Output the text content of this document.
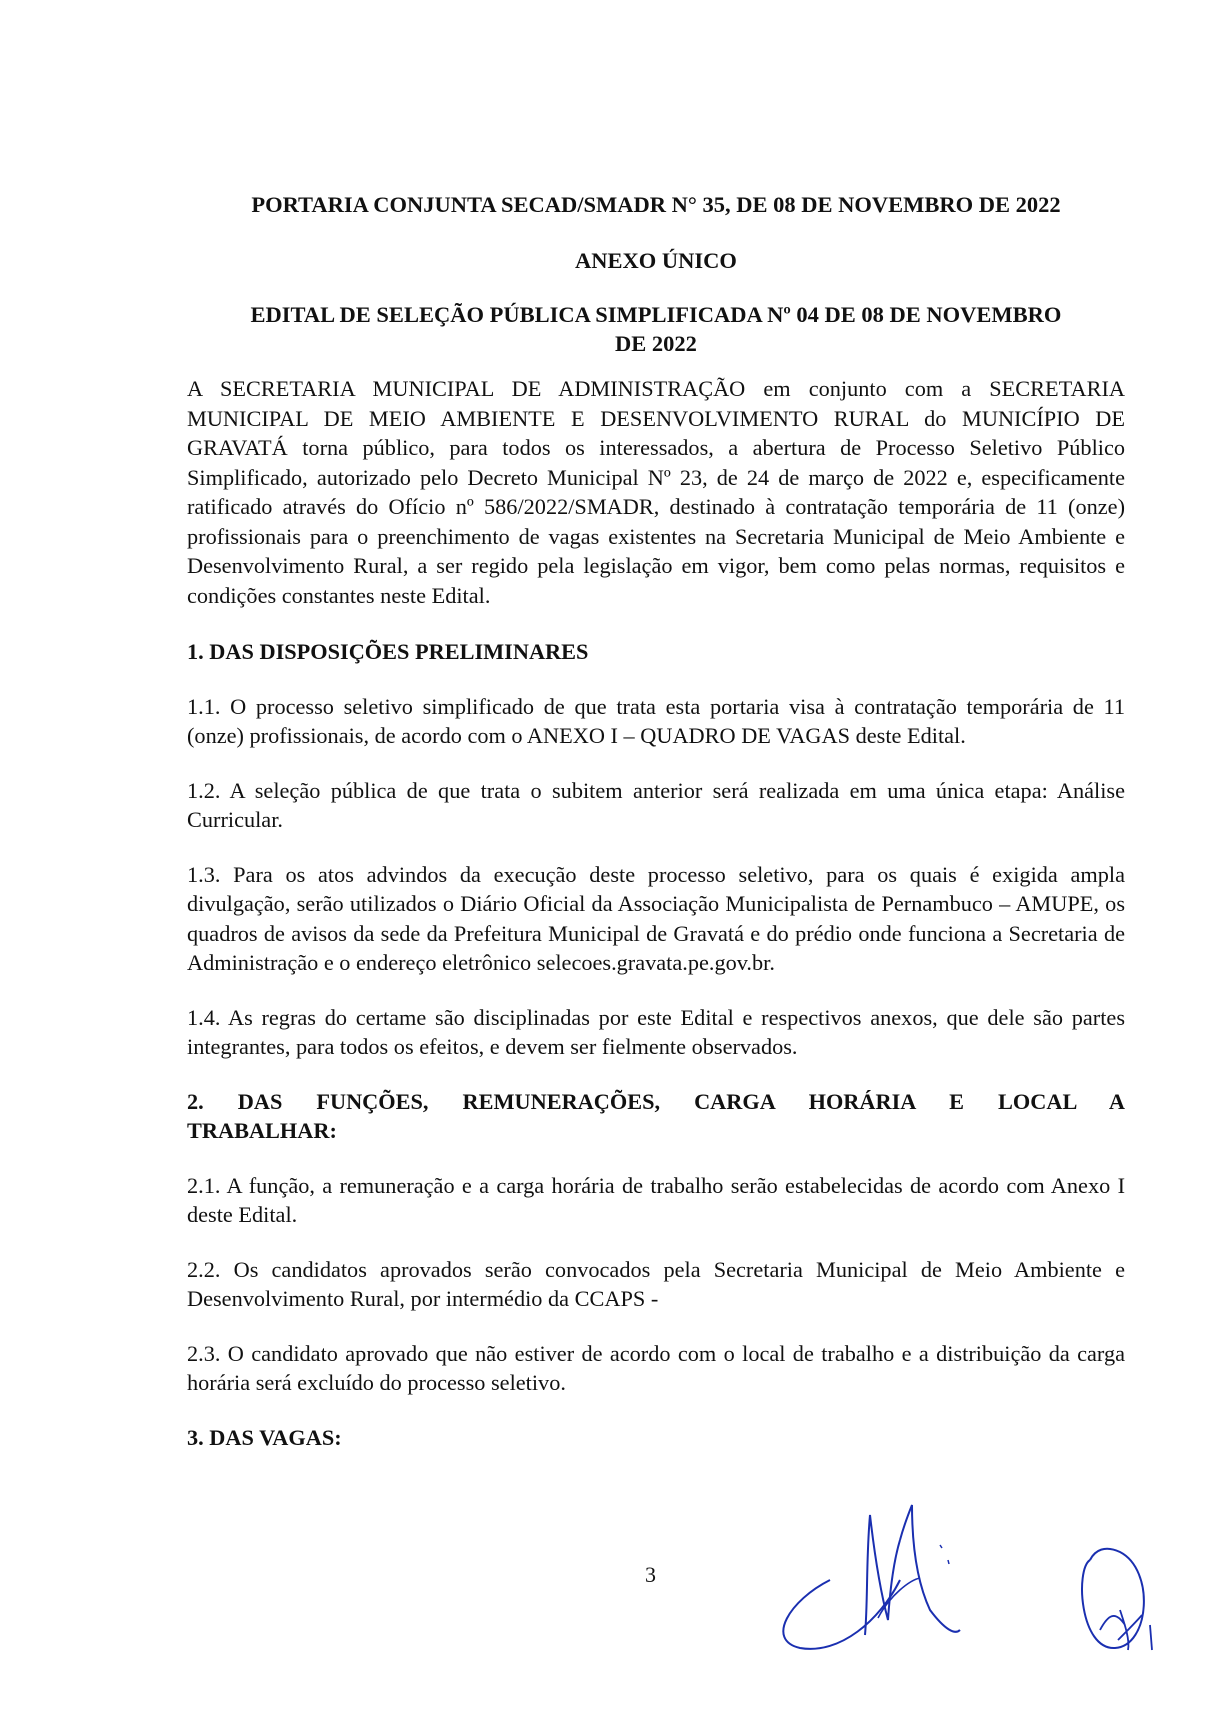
PORTARIA CONJUNTA SECAD/SMADR N° 35, DE 08 DE NOVEMBRO DE 2022
ANEXO ÚNICO
EDITAL DE SELEÇÃO PÚBLICA SIMPLIFICADA Nº 04 DE 08 DE NOVEMBRO
DE 2022

A SECRETARIA MUNICIPAL DE ADMINISTRAÇÃO em conjunto com a SECRETARIA MUNICIPAL DE MEIO AMBIENTE E DESENVOLVIMENTO RURAL do MUNICÍPIO DE GRAVATÁ torna público, para todos os interessados, a abertura de Processo Seletivo Público Simplificado, autorizado pelo Decreto Municipal Nº 23, de 24 de março de 2022 e, especificamente ratificado através do Ofício nº 586/2022/SMADR, destinado à contratação temporária de 11 (onze) profissionais para o preenchimento de vagas existentes na Secretaria Municipal de Meio Ambiente e Desenvolvimento Rural, a ser regido pela legislação em vigor, bem como pelas normas, requisitos e condições constantes neste Edital.

1. DAS DISPOSIÇÕES PRELIMINARES

1.1. O processo seletivo simplificado de que trata esta portaria visa à contratação temporária de 11 (onze) profissionais, de acordo com o ANEXO I – QUADRO DE VAGAS deste Edital.

1.2. A seleção pública de que trata o subitem anterior será realizada em uma única etapa: Análise Curricular.

1.3. Para os atos advindos da execução deste processo seletivo, para os quais é exigida ampla divulgação, serão utilizados o Diário Oficial da Associação Municipalista de Pernambuco – AMUPE, os quadros de avisos da sede da Prefeitura Municipal de Gravatá e do prédio onde funciona a Secretaria de Administração e o endereço eletrônico selecoes.gravata.pe.gov.br.

1.4. As regras do certame são disciplinadas por este Edital e respectivos anexos, que dele são partes integrantes, para todos os efeitos, e devem ser fielmente observados.

2. DAS FUNÇÕES, REMUNERAÇÕES, CARGA HORÁRIA E LOCAL A TRABALHAR:

2.1. A função, a remuneração e a carga horária de trabalho serão estabelecidas de acordo com Anexo I deste Edital.

2.2. Os candidatos aprovados serão convocados pela Secretaria Municipal de Meio Ambiente e Desenvolvimento Rural, por intermédio da CCAPS -

2.3. O candidato aprovado que não estiver de acordo com o local de trabalho e a distribuição da carga horária será excluído do processo seletivo.

3. DAS VAGAS:
3
